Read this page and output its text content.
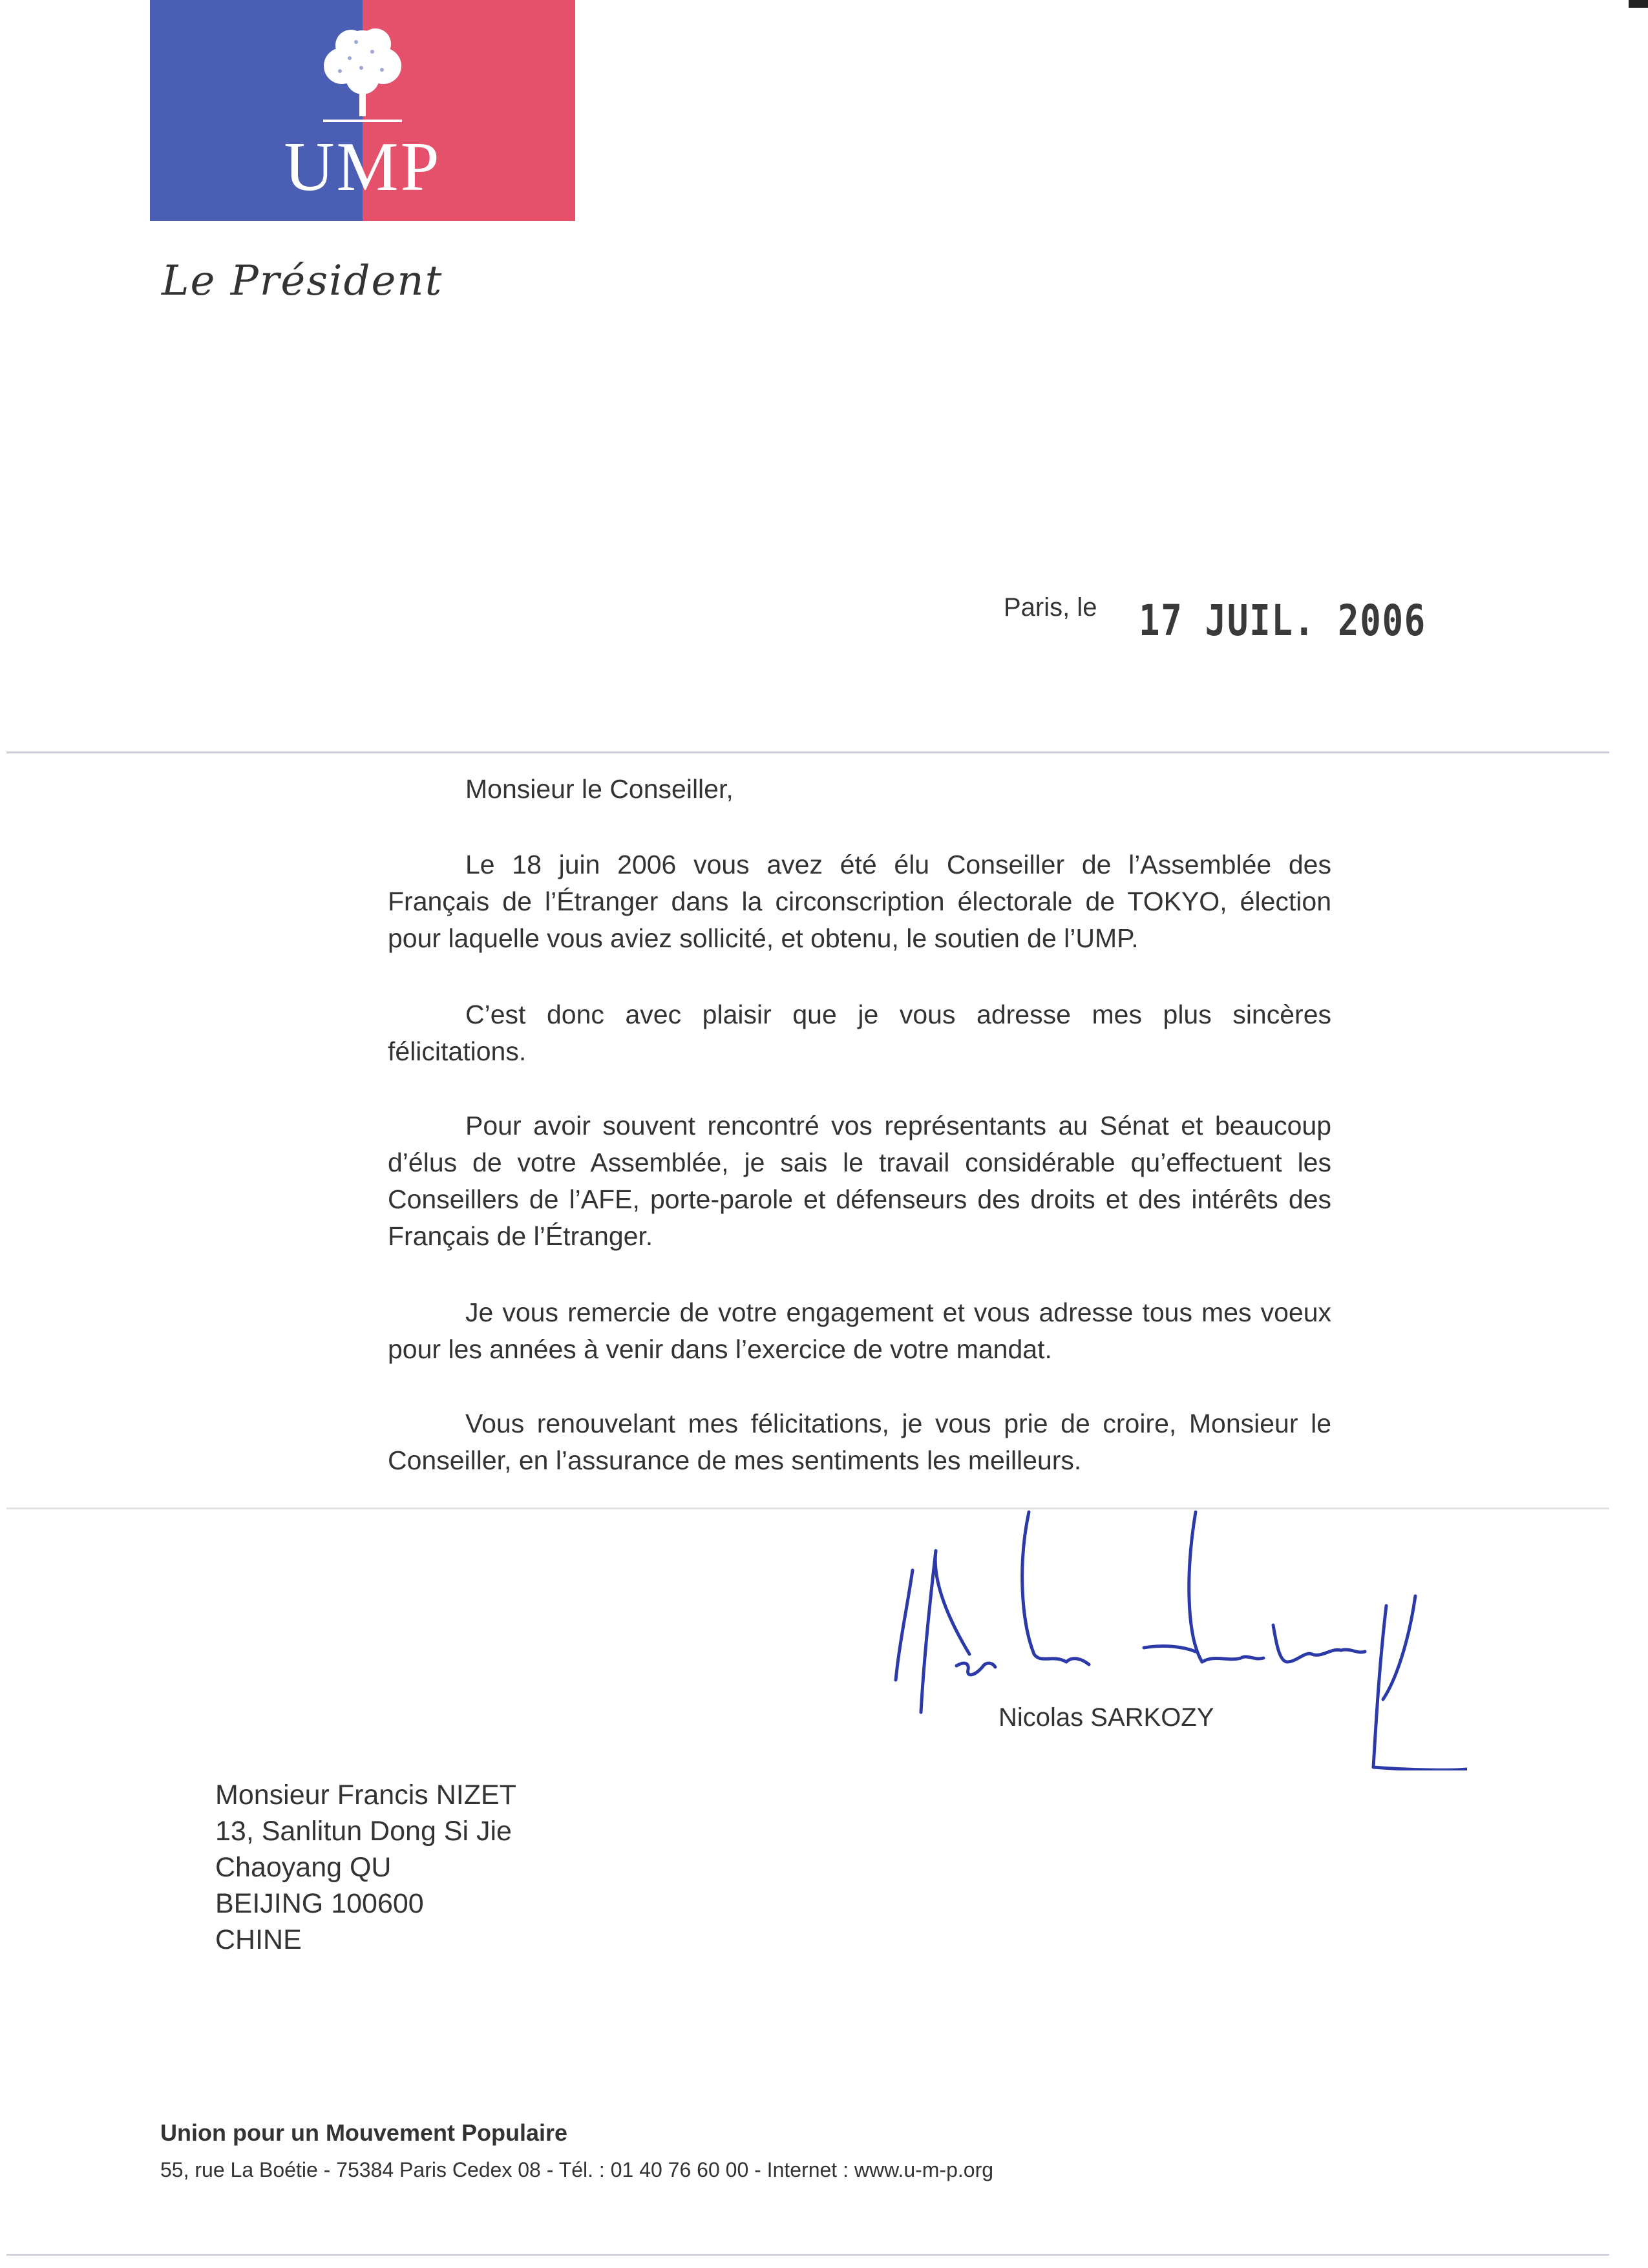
UMP
Le Président
Paris, le 17 JUIL. 2006
Monsieur le Conseiller,

Le 18 juin 2006 vous avez été élu Conseiller de l’Assemblée des Français de l’Étranger dans la circonscription électorale de TOKYO, élection pour laquelle vous aviez sollicité, et obtenu, le soutien de l’UMP.

C’est donc avec plaisir que je vous adresse mes plus sincères félicitations.

Pour avoir souvent rencontré vos représentants au Sénat et beaucoup d’élus de votre Assemblée, je sais le travail considérable qu’effectuent les Conseillers de l’AFE, porte-parole et défenseurs des droits et des intérêts des Français de l’Étranger.

Je vous remercie de votre engagement et vous adresse tous mes voeux pour les années à venir dans l’exercice de votre mandat.

Vous renouvelant mes félicitations, je vous prie de croire, Monsieur le Conseiller, en l’assurance de mes sentiments les meilleurs.

Nicolas SARKOZY
Monsieur Francis NIZET
13, Sanlitun Dong Si Jie
Chaoyang QU
BEIJING 100600
CHINE
Union pour un Mouvement Populaire
55, rue La Boétie - 75384 Paris Cedex 08 - Tél. : 01 40 76 60 00 - Internet : www.u-m-p.org
